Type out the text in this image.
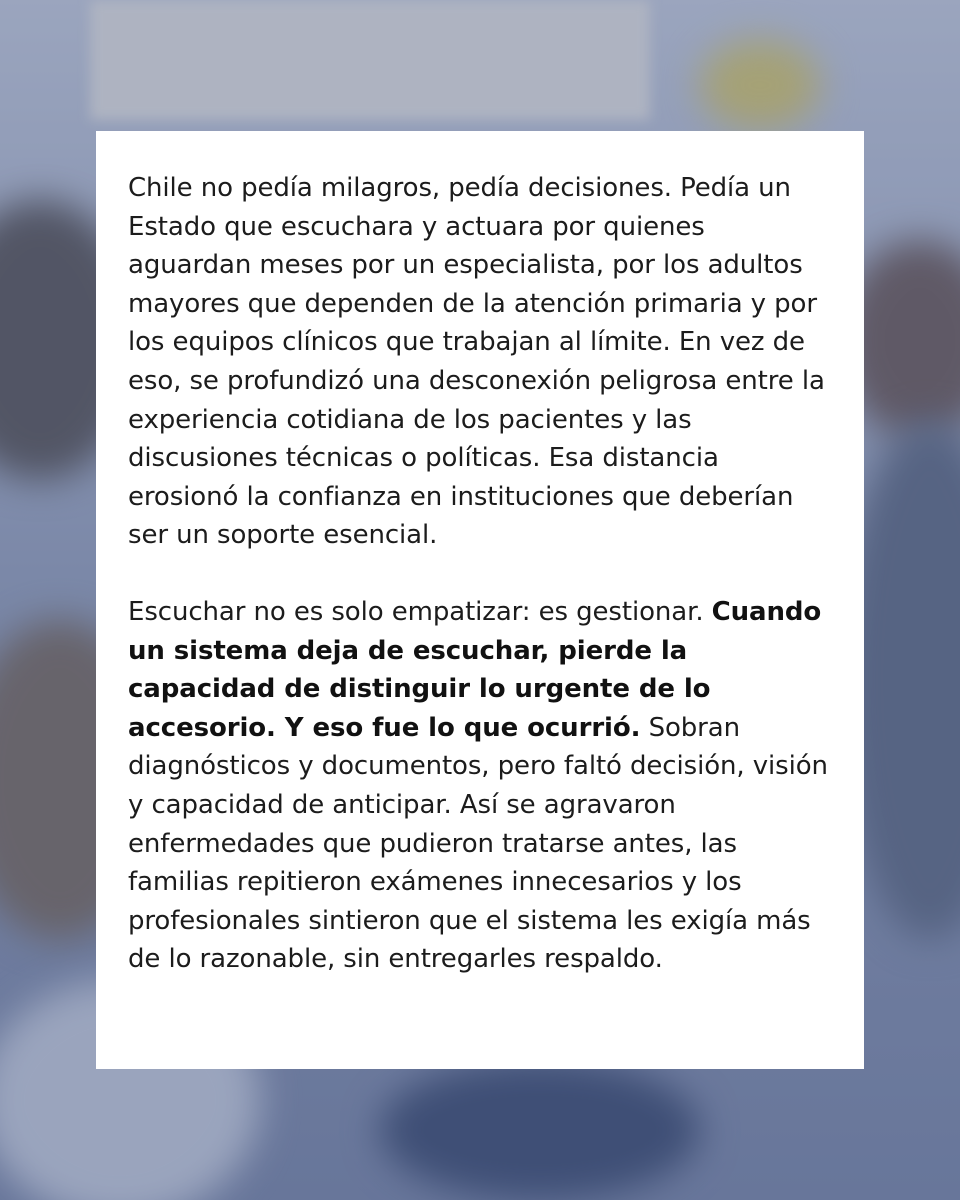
Chile no pedía milagros, pedía decisiones. Pedía un Estado que escuchara y actuara por quienes aguardan meses por un especialista, por los adultos mayores que dependen de la atención primaria y por los equipos clínicos que trabajan al límite. En vez de eso, se profundizó una desconexión peligrosa entre la experiencia cotidiana de los pacientes y las discusiones técnicas o políticas. Esa distancia erosionó la confianza en instituciones que deberían ser un soporte esencial.

Escuchar no es solo empatizar: es gestionar. Cuando un sistema deja de escuchar, pierde la capacidad de distinguir lo urgente de lo accesorio. Y eso fue lo que ocurrió. Sobran diagnósticos y documentos, pero faltó decisión, visión y capacidad de anticipar. Así se agravaron enfermedades que pudieron tratarse antes, las familias repitieron exámenes innecesarios y los profesionales sintieron que el sistema les exigía más de lo razonable, sin entregarles respaldo.
